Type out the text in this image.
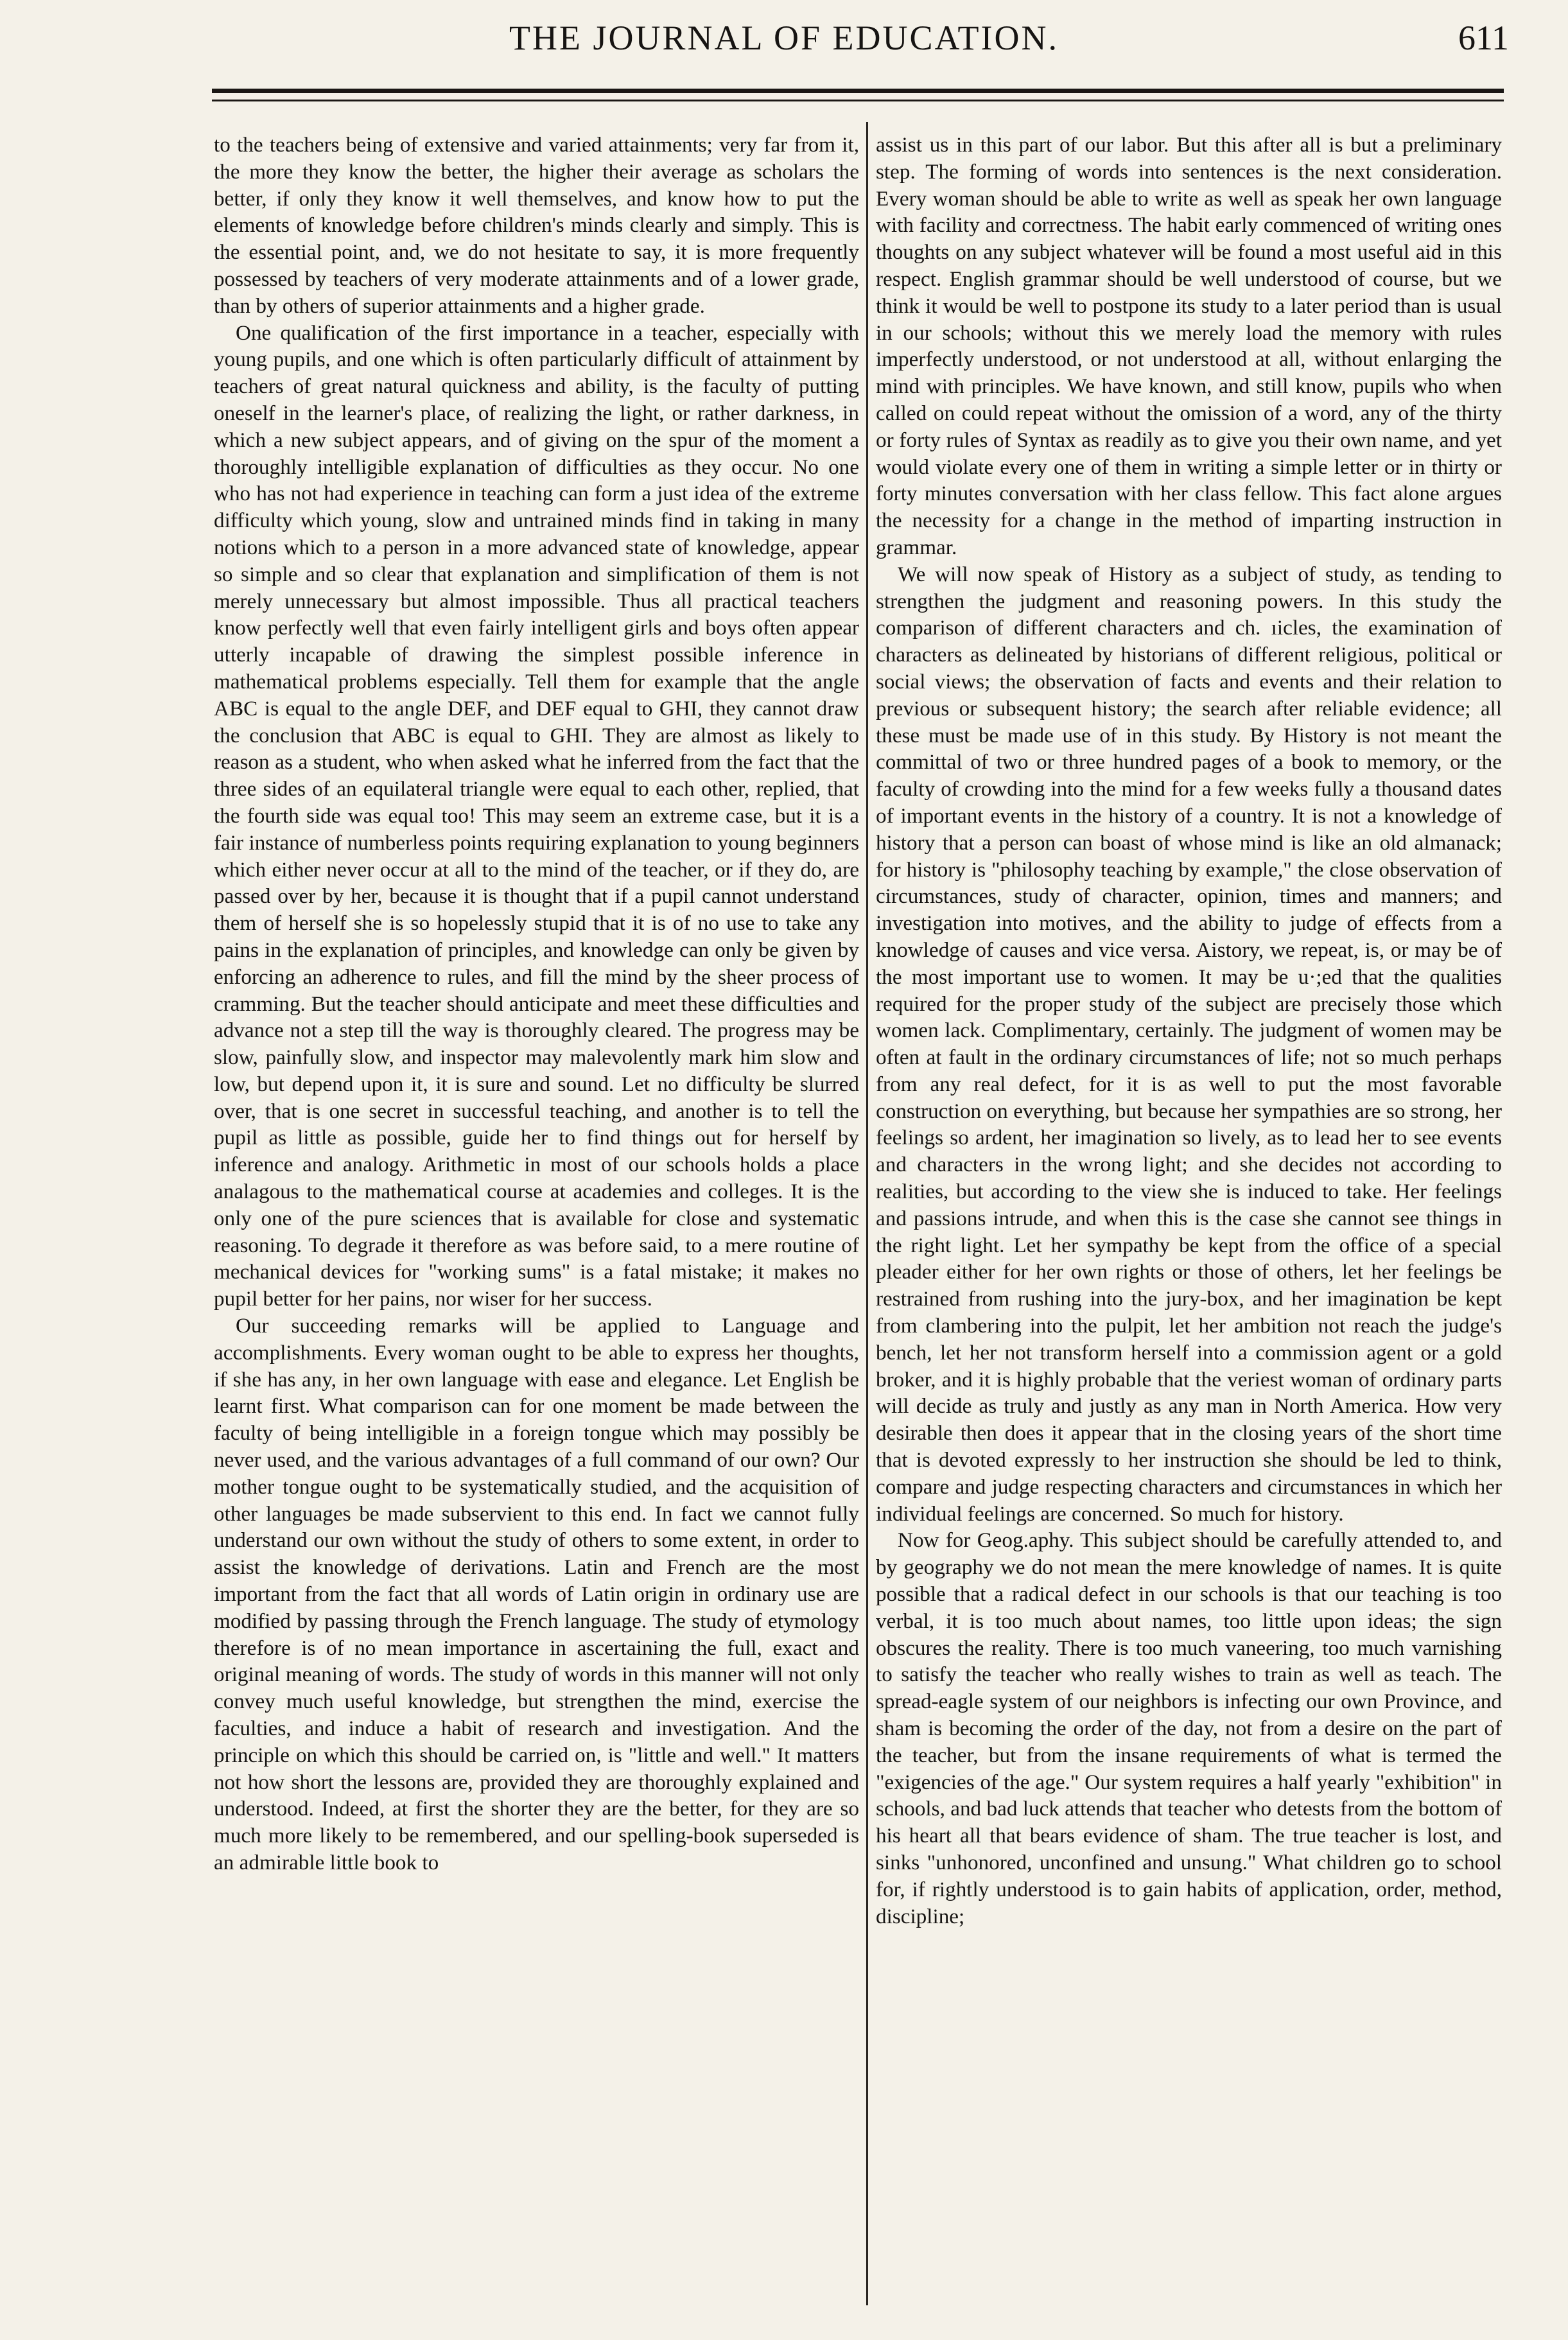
THE JOURNAL OF EDUCATION.	611

to the teachers being of extensive and varied attainments; very far from it, the more they know the better, the higher their average as scholars the better, if only they know it well themselves, and know how to put the elements of knowledge before children's minds clearly and simply. This is the essential point, and, we do not hesitate to say, it is more frequently possessed by teachers of very moderate attainments and of a lower grade, than by others of superior attainments and a higher grade.

One qualification of the first importance in a teacher, especially with young pupils, and one which is often particularly difficult of attainment by teachers of great natural quickness and ability, is the faculty of putting oneself in the learner's place, of realizing the light, or rather darkness, in which a new subject appears, and of giving on the spur of the moment a thoroughly intelligible explanation of difficulties as they occur. No one who has not had experience in teaching can form a just idea of the extreme difficulty which young, slow and untrained minds find in taking in many notions which to a person in a more advanced state of knowledge, appear so simple and so clear that explanation and simplification of them is not merely unnecessary but almost impossible. Thus all practical teachers know perfectly well that even fairly intelligent girls and boys often appear utterly incapable of drawing the simplest possible inference in mathematical problems especially. Tell them for example that the angle ABC is equal to the angle DEF, and DEF equal to GHI, they cannot draw the conclusion that ABC is equal to GHI. They are almost as likely to reason as a student, who when asked what he inferred from the fact that the three sides of an equilateral triangle were equal to each other, replied, that the fourth side was equal too! This may seem an extreme case, but it is a fair instance of numberless points requiring explanation to young beginners which either never occur at all to the mind of the teacher, or if they do, are passed over by her, because it is thought that if a pupil cannot understand them of herself she is so hopelessly stupid that it is of no use to take any pains in the explanation of principles, and knowledge can only be given by enforcing an adherence to rules, and fill the mind by the sheer process of cramming. But the teacher should anticipate and meet these difficulties and advance not a step till the way is thoroughly cleared. The progress may be slow, painfully slow, and inspector may malevolently mark him slow and low, but depend upon it, it is sure and sound. Let no difficulty be slurred over, that is one secret in successful teaching, and another is to tell the pupil as little as possible, guide her to find things out for herself by inference and analogy. Arithmetic in most of our schools holds a place analagous to the mathematical course at academies and colleges. It is the only one of the pure sciences that is available for close and systematic reasoning. To degrade it therefore as was before said, to a mere routine of mechanical devices for "working sums" is a fatal mistake; it makes no pupil better for her pains, nor wiser for her success.

Our succeeding remarks will be applied to Language and accomplishments. Every woman ought to be able to express her thoughts, if she has any, in her own language with ease and elegance. Let English be learnt first. What comparison can for one moment be made between the faculty of being intelligible in a foreign tongue which may possibly be never used, and the various advantages of a full command of our own? Our mother tongue ought to be systematically studied, and the acquisition of other languages be made subservient to this end. In fact we cannot fully understand our own without the study of others to some extent, in order to assist the knowledge of derivations. Latin and French are the most important from the fact that all words of Latin origin in ordinary use are modified by passing through the French language. The study of etymology therefore is of no mean importance in ascertaining the full, exact and original meaning of words. The study of words in this manner will not only convey much useful knowledge, but strengthen the mind, exercise the faculties, and induce a habit of research and investigation. And the principle on which this should be carried on, is "little and well." It matters not how short the lessons are, provided they are thoroughly explained and understood. Indeed, at first the shorter they are the better, for they are so much more likely to be remembered, and our spelling-book superseded is an admirable little book to

assist us in this part of our labor. But this after all is but a preliminary step. The forming of words into sentences is the next consideration. Every woman should be able to write as well as speak her own language with facility and correctness. The habit early commenced of writing ones thoughts on any subject whatever will be found a most useful aid in this respect. English grammar should be well understood of course, but we think it would be well to postpone its study to a later period than is usual in our schools; without this we merely load the memory with rules imperfectly understood, or not understood at all, without enlarging the mind with principles. We have known, and still know, pupils who when called on could repeat without the omission of a word, any of the thirty or forty rules of Syntax as readily as to give you their own name, and yet would violate every one of them in writing a simple letter or in thirty or forty minutes conversation with her class fellow. This fact alone argues the necessity for a change in the method of imparting instruction in grammar.

We will now speak of History as a subject of study, as tending to strengthen the judgment and reasoning powers. In this study the comparison of different characters and ch. ıicles, the examination of characters as delineated by historians of different religious, political or social views; the observation of facts and events and their relation to previous or subsequent history; the search after reliable evidence; all these must be made use of in this study. By History is not meant the committal of two or three hundred pages of a book to memory, or the faculty of crowding into the mind for a few weeks fully a thousand dates of important events in the history of a country. It is not a knowledge of history that a person can boast of whose mind is like an old almanack; for history is "philosophy teaching by example," the close observation of circumstances, study of character, opinion, times and manners; and investigation into motives, and the ability to judge of effects from a knowledge of causes and vice versa. Aistory, we repeat, is, or may be of the most important use to women. It may be u·;ed that the qualities required for the proper study of the subject are precisely those which women lack. Complimentary, certainly. The judgment of women may be often at fault in the ordinary circumstances of life; not so much perhaps from any real defect, for it is as well to put the most favorable construction on everything, but because her sympathies are so strong, her feelings so ardent, her imagination so lively, as to lead her to see events and characters in the wrong light; and she decides not according to realities, but according to the view she is induced to take. Her feelings and passions intrude, and when this is the case she cannot see things in the right light. Let her sympathy be kept from the office of a special pleader either for her own rights or those of others, let her feelings be restrained from rushing into the jury-box, and her imagination be kept from clambering into the pulpit, let her ambition not reach the judge's bench, let her not transform herself into a commission agent or a gold broker, and it is highly probable that the veriest woman of ordinary parts will decide as truly and justly as any man in North America. How very desirable then does it appear that in the closing years of the short time that is devoted expressly to her instruction she should be led to think, compare and judge respecting characters and circumstances in which her individual feelings are concerned. So much for history.

Now for Geog.aphy. This subject should be carefully attended to, and by geography we do not mean the mere knowledge of names. It is quite possible that a radical defect in our schools is that our teaching is too verbal, it is too much about names, too little upon ideas; the sign obscures the reality. There is too much vaneering, too much varnishing to satisfy the teacher who really wishes to train as well as teach. The spread-eagle system of our neighbors is infecting our own Province, and sham is becoming the order of the day, not from a desire on the part of the teacher, but from the insane requirements of what is termed the "exigencies of the age." Our system requires a half yearly "exhibition" in schools, and bad luck attends that teacher who detests from the bottom of his heart all that bears evidence of sham. The true teacher is lost, and sinks "unhonored, unconfined and unsung." What children go to school for, if rightly understood is to gain habits of application, order, method, discipline;
